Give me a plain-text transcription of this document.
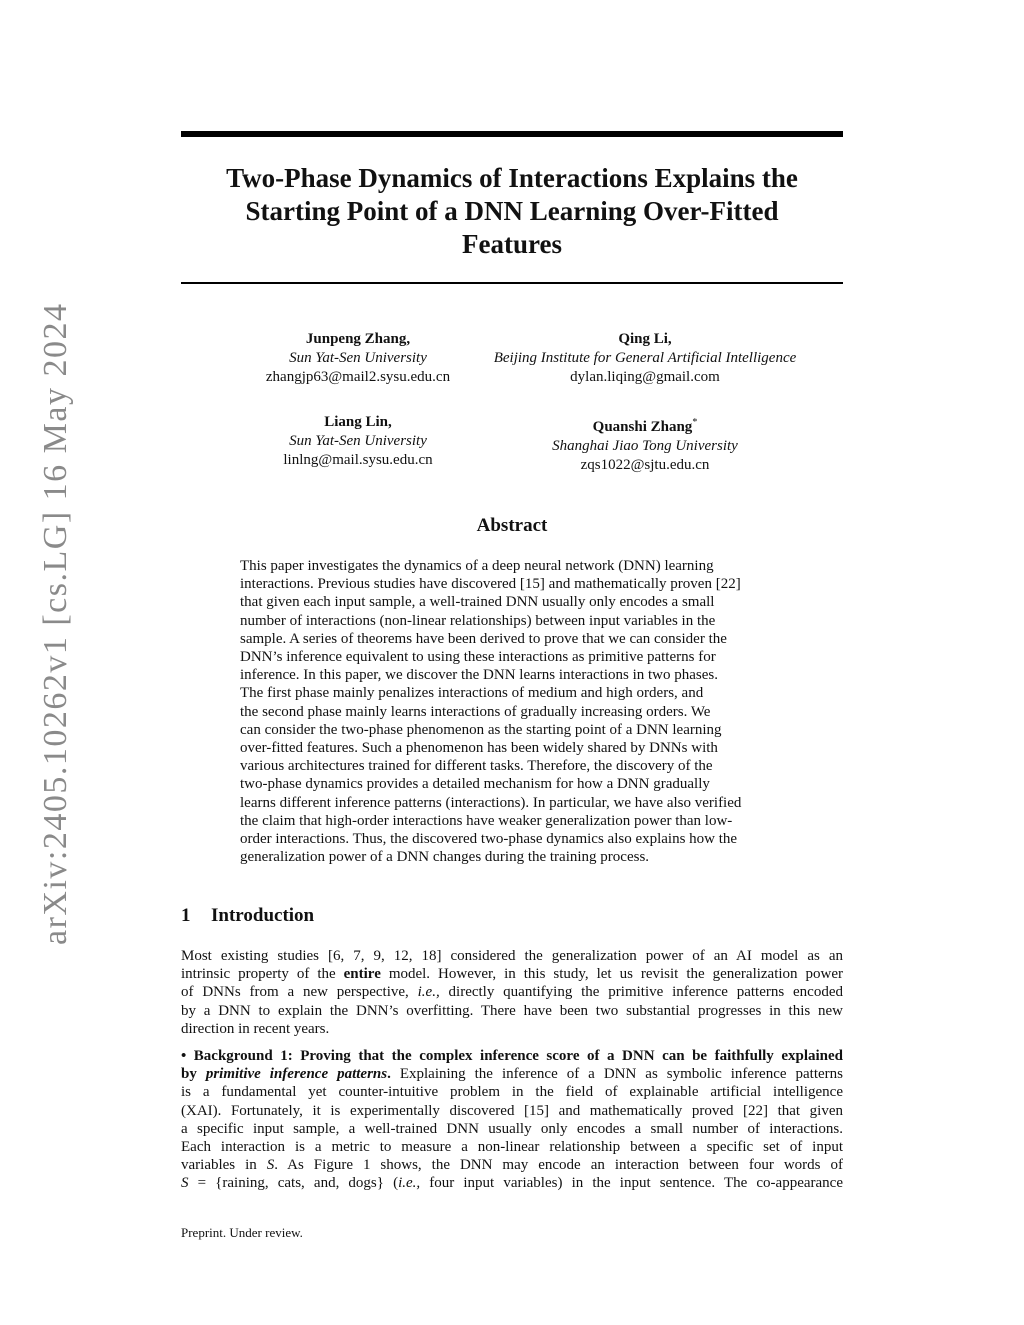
arXiv:2405.10262v1 [cs.LG] 16 May 2024
Two-Phase Dynamics of Interactions Explains the
Starting Point of a DNN Learning Over-Fitted
Features
Junpeng Zhang,
Sun Yat-Sen University
zhangjp63@mail2.sysu.edu.cn
Qing Li,
Beijing Institute for General Artificial Intelligence
dylan.liqing@gmail.com
Liang Lin,
Sun Yat-Sen University
linlng@mail.sysu.edu.cn
Quanshi Zhang*
Shanghai Jiao Tong University
zqs1022@sjtu.edu.cn
Abstract
This paper investigates the dynamics of a deep neural network (DNN) learning
interactions. Previous studies have discovered [15] and mathematically proven [22]
that given each input sample, a well-trained DNN usually only encodes a small
number of interactions (non-linear relationships) between input variables in the
sample. A series of theorems have been derived to prove that we can consider the
DNN’s inference equivalent to using these interactions as primitive patterns for
inference. In this paper, we discover the DNN learns interactions in two phases.
The first phase mainly penalizes interactions of medium and high orders, and
the second phase mainly learns interactions of gradually increasing orders. We
can consider the two-phase phenomenon as the starting point of a DNN learning
over-fitted features. Such a phenomenon has been widely shared by DNNs with
various architectures trained for different tasks. Therefore, the discovery of the
two-phase dynamics provides a detailed mechanism for how a DNN gradually
learns different inference patterns (interactions). In particular, we have also verified
the claim that high-order interactions have weaker generalization power than low-
order interactions. Thus, the discovered two-phase dynamics also explains how the
generalization power of a DNN changes during the training process.
1 Introduction
Most existing studies [6, 7, 9, 12, 18] considered the generalization power of an AI model as an
intrinsic property of the entire model. However, in this study, let us revisit the generalization power
of DNNs from a new perspective, i.e., directly quantifying the primitive inference patterns encoded
by a DNN to explain the DNN’s overfitting. There have been two substantial progresses in this new
direction in recent years.
• Background 1: Proving that the complex inference score of a DNN can be faithfully explained
by primitive inference patterns. Explaining the inference of a DNN as symbolic inference patterns
is a fundamental yet counter-intuitive problem in the field of explainable artificial intelligence
(XAI). Fortunately, it is experimentally discovered [15] and mathematically proved [22] that given
a specific input sample, a well-trained DNN usually only encodes a small number of interactions.
Each interaction is a metric to measure a non-linear relationship between a specific set of input
variables in S. As Figure 1 shows, the DNN may encode an interaction between four words of
S = {raining, cats, and, dogs} (i.e., four input variables) in the input sentence. The co-appearance
Preprint. Under review.
